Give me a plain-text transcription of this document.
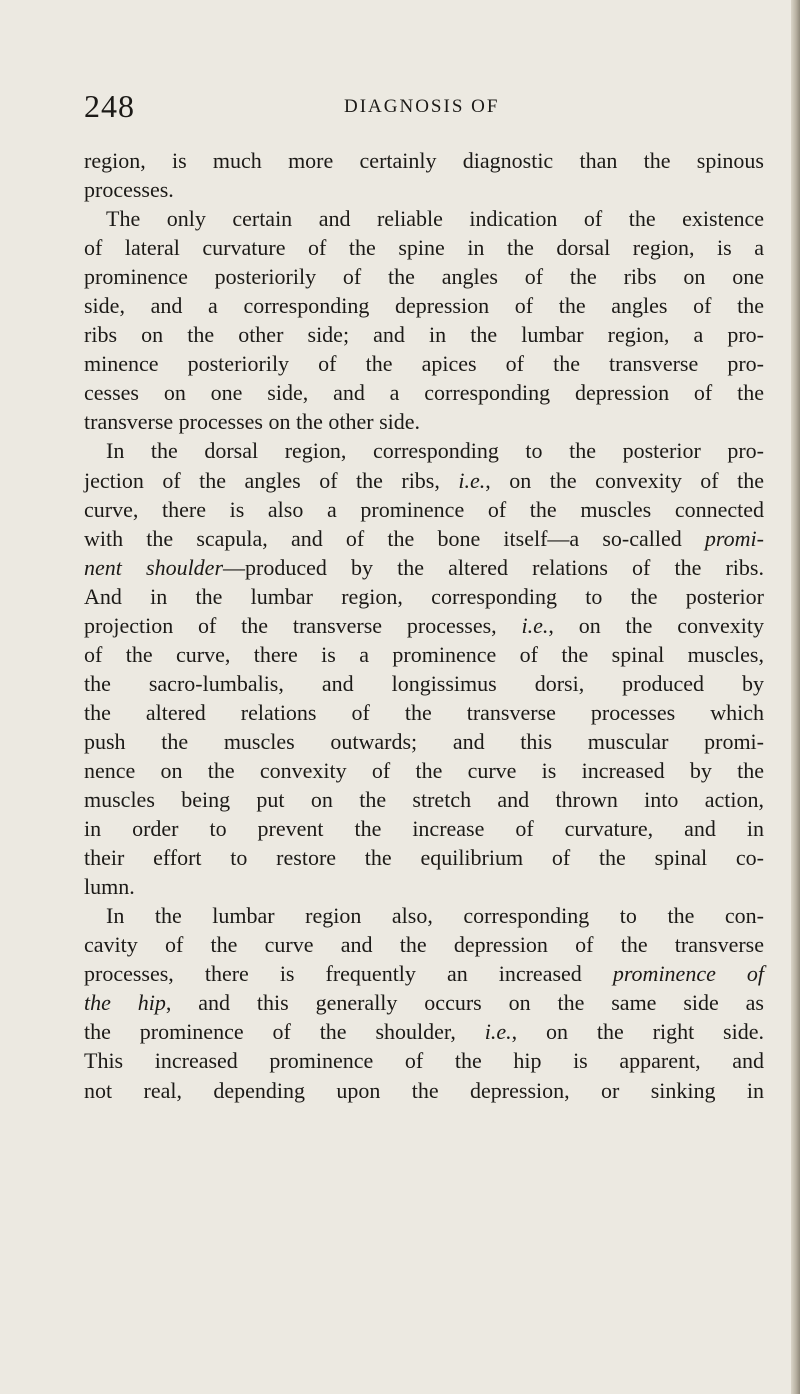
248	DIAGNOSIS OF
region, is much more certainly diagnostic than the spinous
processes.
The only certain and reliable indication of the existence
of lateral curvature of the spine in the dorsal region, is a
prominence posteriorily of the angles of the ribs on one
side, and a corresponding depression of the angles of the
ribs on the other side; and in the lumbar region, a pro-
minence posteriorily of the apices of the transverse pro-
cesses on one side, and a corresponding depression of the
transverse processes on the other side.
In the dorsal region, corresponding to the posterior pro-
jection of the angles of the ribs, i.e., on the convexity of the
curve, there is also a prominence of the muscles connected
with the scapula, and of the bone itself—a so-called promi-
nent shoulder—produced by the altered relations of the ribs.
And in the lumbar region, corresponding to the posterior
projection of the transverse processes, i.e., on the convexity
of the curve, there is a prominence of the spinal muscles,
the sacro-lumbalis, and longissimus dorsi, produced by
the altered relations of the transverse processes which
push the muscles outwards; and this muscular promi-
nence on the convexity of the curve is increased by the
muscles being put on the stretch and thrown into action,
in order to prevent the increase of curvature, and in
their effort to restore the equilibrium of the spinal co-
lumn.
In the lumbar region also, corresponding to the con-
cavity of the curve and the depression of the transverse
processes, there is frequently an increased prominence of
the hip, and this generally occurs on the same side as
the prominence of the shoulder, i.e., on the right side.
This increased prominence of the hip is apparent, and
not real, depending upon the depression, or sinking in
